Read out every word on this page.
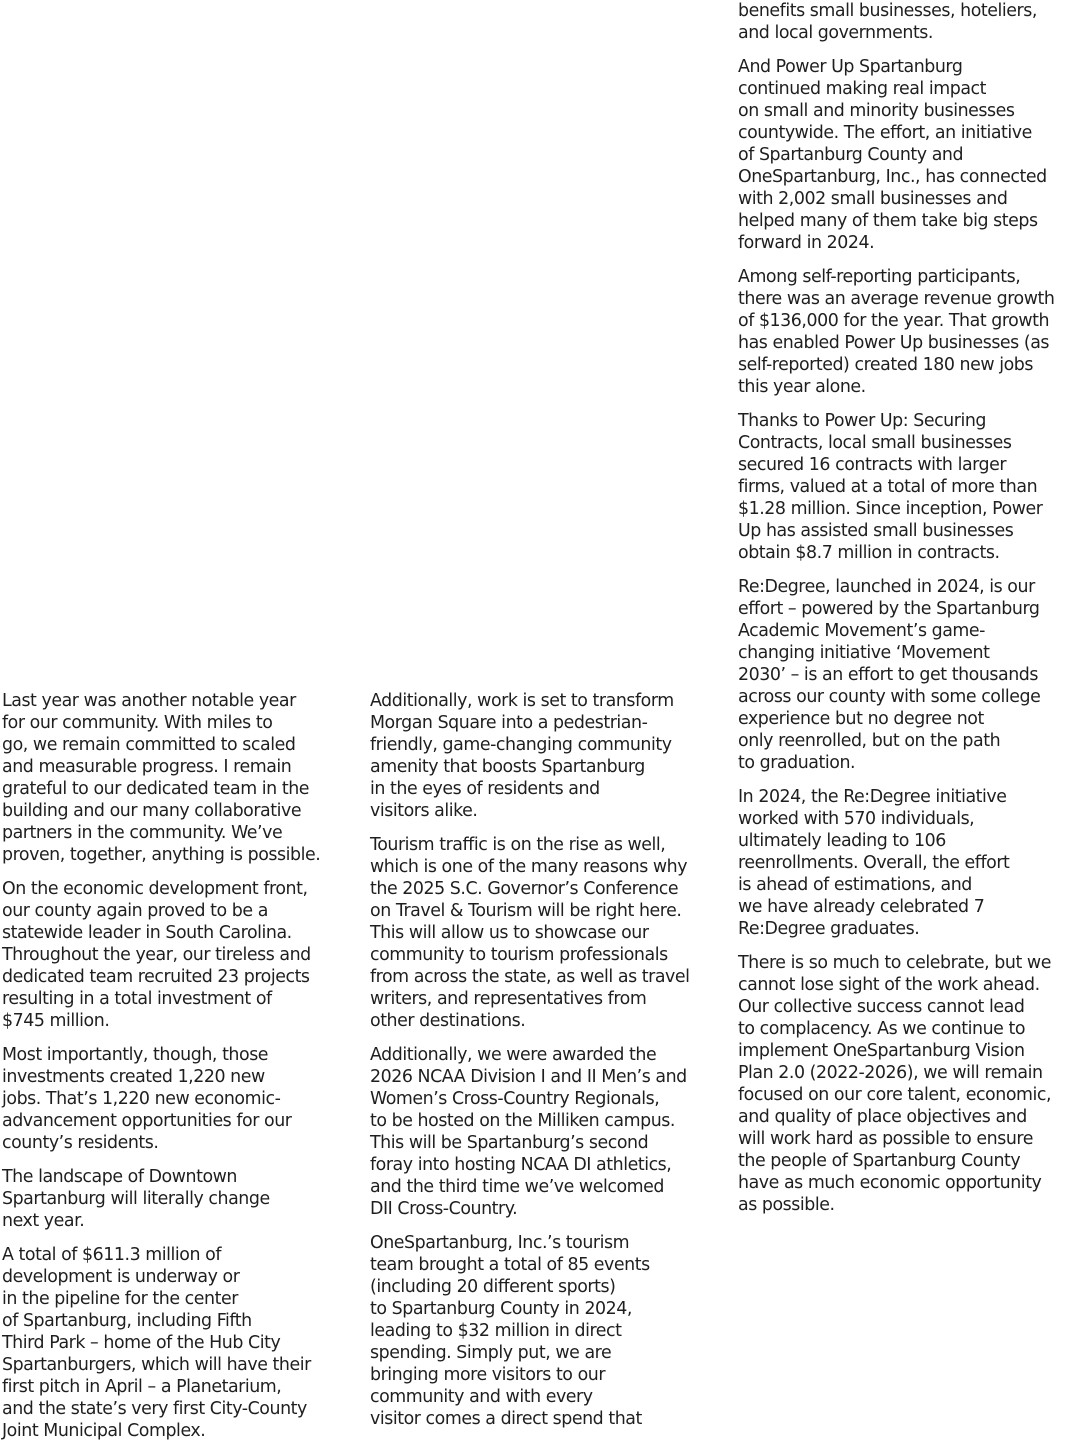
Last year was another notable year
for our community. With miles to
go, we remain committed to scaled
and measurable progress. I remain
grateful to our dedicated team in the
building and our many collaborative
partners in the community. We’ve
proven, together, anything is possible.

On the economic development front,
our county again proved to be a
statewide leader in South Carolina.
Throughout the year, our tireless and
dedicated team recruited 23 projects
resulting in a total investment of
$745 million.

Most importantly, though, those
investments created 1,220 new
jobs. That’s 1,220 new economic-
advancement opportunities for our
county’s residents.

The landscape of Downtown
Spartanburg will literally change
next year.

A total of $611.3 million of
development is underway or
in the pipeline for the center
of Spartanburg, including Fifth
Third Park – home of the Hub City
Spartanburgers, which will have their
first pitch in April – a Planetarium,
and the state’s very first City-County
Joint Municipal Complex.

Additionally, work is set to transform
Morgan Square into a pedestrian-
friendly, game-changing community
amenity that boosts Spartanburg
in the eyes of residents and
visitors alike.

Tourism traffic is on the rise as well,
which is one of the many reasons why
the 2025 S.C. Governor’s Conference
on Travel & Tourism will be right here.
This will allow us to showcase our
community to tourism professionals
from across the state, as well as travel
writers, and representatives from
other destinations.

Additionally, we were awarded the
2026 NCAA Division I and II Men’s and
Women’s Cross-Country Regionals,
to be hosted on the Milliken campus.
This will be Spartanburg’s second
foray into hosting NCAA DI athletics,
and the third time we’ve welcomed
DII Cross-Country.

OneSpartanburg, Inc.’s tourism
team brought a total of 85 events
(including 20 different sports)
to Spartanburg County in 2024,
leading to $32 million in direct
spending. Simply put, we are
bringing more visitors to our
community and with every
visitor comes a direct spend that

benefits small businesses, hoteliers,
and local governments.

And Power Up Spartanburg
continued making real impact
on small and minority businesses
countywide. The effort, an initiative
of Spartanburg County and
OneSpartanburg, Inc., has connected
with 2,002 small businesses and
helped many of them take big steps
forward in 2024.

Among self-reporting participants,
there was an average revenue growth
of $136,000 for the year. That growth
has enabled Power Up businesses (as
self-reported) created 180 new jobs
this year alone.

Thanks to Power Up: Securing
Contracts, local small businesses
secured 16 contracts with larger
firms, valued at a total of more than
$1.28 million. Since inception, Power
Up has assisted small businesses
obtain $8.7 million in contracts.

Re:Degree, launched in 2024, is our
effort – powered by the Spartanburg
Academic Movement’s game-
changing initiative ‘Movement
2030’ – is an effort to get thousands
across our county with some college
experience but no degree not
only reenrolled, but on the path
to graduation.

In 2024, the Re:Degree initiative
worked with 570 individuals,
ultimately leading to 106
reenrollments. Overall, the effort
is ahead of estimations, and
we have already celebrated 7
Re:Degree graduates.

There is so much to celebrate, but we
cannot lose sight of the work ahead.
Our collective success cannot lead
to complacency. As we continue to
implement OneSpartanburg Vision
Plan 2.0 (2022-2026), we will remain
focused on our core talent, economic,
and quality of place objectives and
will work hard as possible to ensure
the people of Spartanburg County
have as much economic opportunity
as possible.
